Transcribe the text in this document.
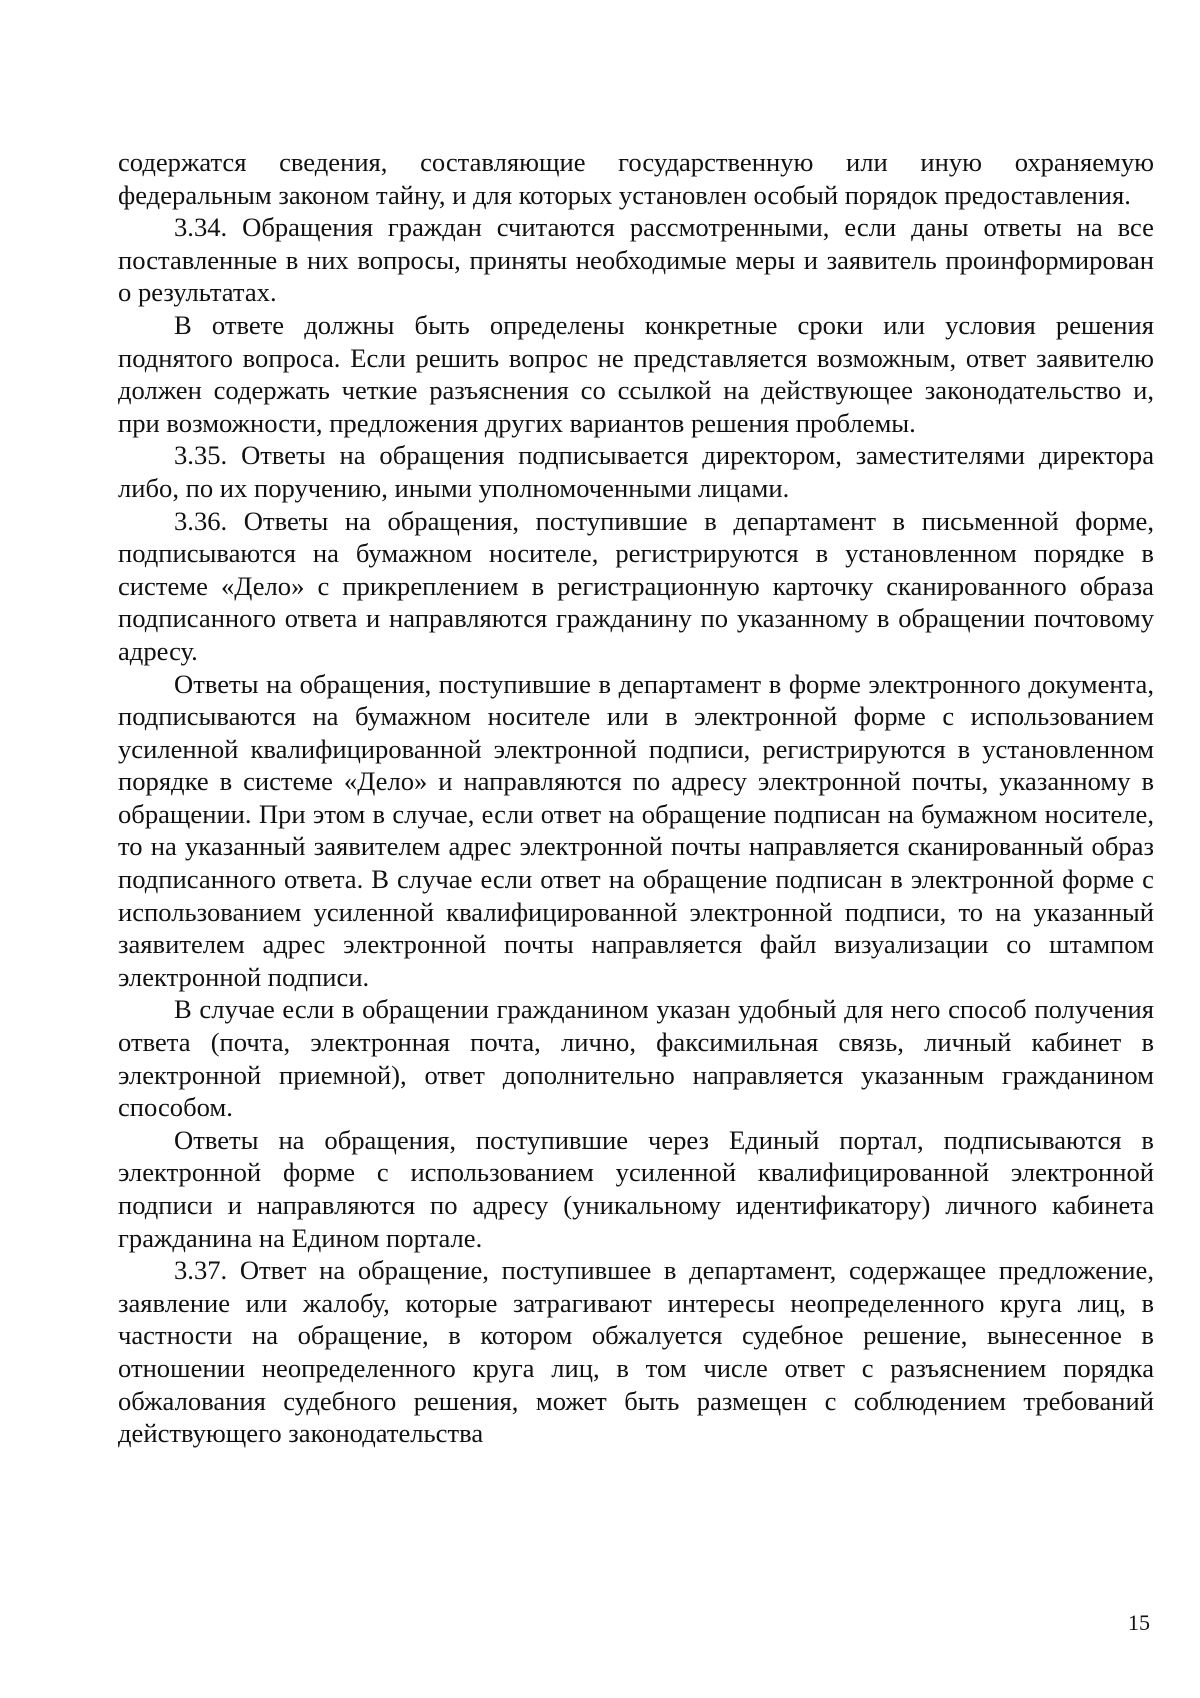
содержатся сведения, составляющие государственную или иную охраняемую федеральным законом тайну, и для которых установлен особый порядок предоставления.

3.34. Обращения граждан считаются рассмотренными, если даны ответы на все поставленные в них вопросы, приняты необходимые меры и заявитель проинформирован о результатах.

В ответе должны быть определены конкретные сроки или условия решения поднятого вопроса. Если решить вопрос не представляется возможным, ответ заявителю должен содержать четкие разъяснения со ссылкой на действующее законодательство и, при возможности, предложения других вариантов решения проблемы.

3.35. Ответы на обращения подписывается директором, заместителями директора либо, по их поручению, иными уполномоченными лицами.

3.36. Ответы на обращения, поступившие в департамент в письменной форме, подписываются на бумажном носителе, регистрируются в установленном порядке в системе «Дело» с прикреплением в регистрационную карточку сканированного образа подписанного ответа и направляются гражданину по указанному в обращении почтовому адресу.

Ответы на обращения, поступившие в департамент в форме электронного документа, подписываются на бумажном носителе или в электронной форме с использованием усиленной квалифицированной электронной подписи, регистрируются в установленном порядке в системе «Дело» и направляются по адресу электронной почты, указанному в обращении. При этом в случае, если ответ на обращение подписан на бумажном носителе, то на указанный заявителем адрес электронной почты направляется сканированный образ подписанного ответа. В случае если ответ на обращение подписан в электронной форме с использованием усиленной квалифицированной электронной подписи, то на указанный заявителем адрес электронной почты направляется файл визуализации со штампом электронной подписи.

В случае если в обращении гражданином указан удобный для него способ получения ответа (почта, электронная почта, лично, факсимильная связь, личный кабинет в электронной приемной), ответ дополнительно направляется указанным гражданином способом.

Ответы на обращения, поступившие через Единый портал, подписываются в электронной форме с использованием усиленной квалифицированной электронной подписи и направляются по адресу (уникальному идентификатору) личного кабинета гражданина на Едином портале.

3.37. Ответ на обращение, поступившее в департамент, содержащее предложение, заявление или жалобу, которые затрагивают интересы неопределенного круга лиц, в частности на обращение, в котором обжалуется судебное решение, вынесенное в отношении неопределенного круга лиц, в том числе ответ с разъяснением порядка обжалования судебного решения, может быть размещен с соблюдением требований действующего законодательства

15
